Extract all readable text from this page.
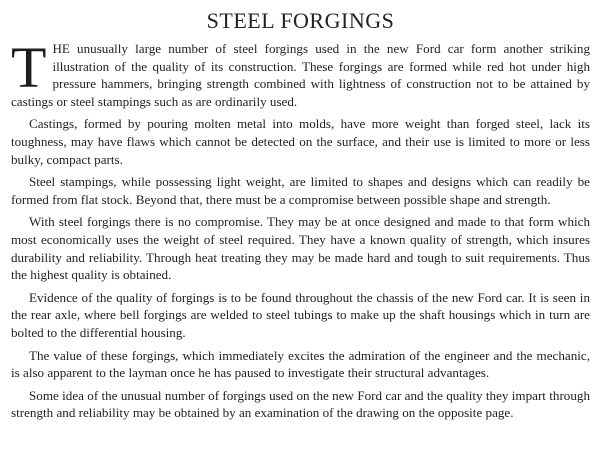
STEEL FORGINGS

THE unusually large number of steel forgings used in the new Ford car form another striking illustration of the quality of its construction. These forgings are formed while red hot under high pressure hammers, bringing strength combined with lightness of construction not to be attained by castings or steel stampings such as are ordinarily used.

Castings, formed by pouring molten metal into molds, have more weight than forged steel, lack its toughness, may have flaws which cannot be detected on the surface, and their use is limited to more or less bulky, compact parts.

Steel stampings, while possessing light weight, are limited to shapes and designs which can readily be formed from flat stock. Beyond that, there must be a compromise between possible shape and strength.

With steel forgings there is no compromise. They may be at once designed and made to that form which most economically uses the weight of steel required. They have a known quality of strength, which insures durability and reliability. Through heat treating they may be made hard and tough to suit requirements. Thus the highest quality is obtained.

Evidence of the quality of forgings is to be found throughout the chassis of the new Ford car. It is seen in the rear axle, where bell forgings are welded to steel tubings to make up the shaft housings which in turn are bolted to the differential housing.

The value of these forgings, which immediately excites the admiration of the engineer and the mechanic, is also apparent to the layman once he has paused to investigate their structural advantages.

Some idea of the unusual number of forgings used on the new Ford car and the quality they impart through strength and reliability may be obtained by an examination of the drawing on the opposite page.
